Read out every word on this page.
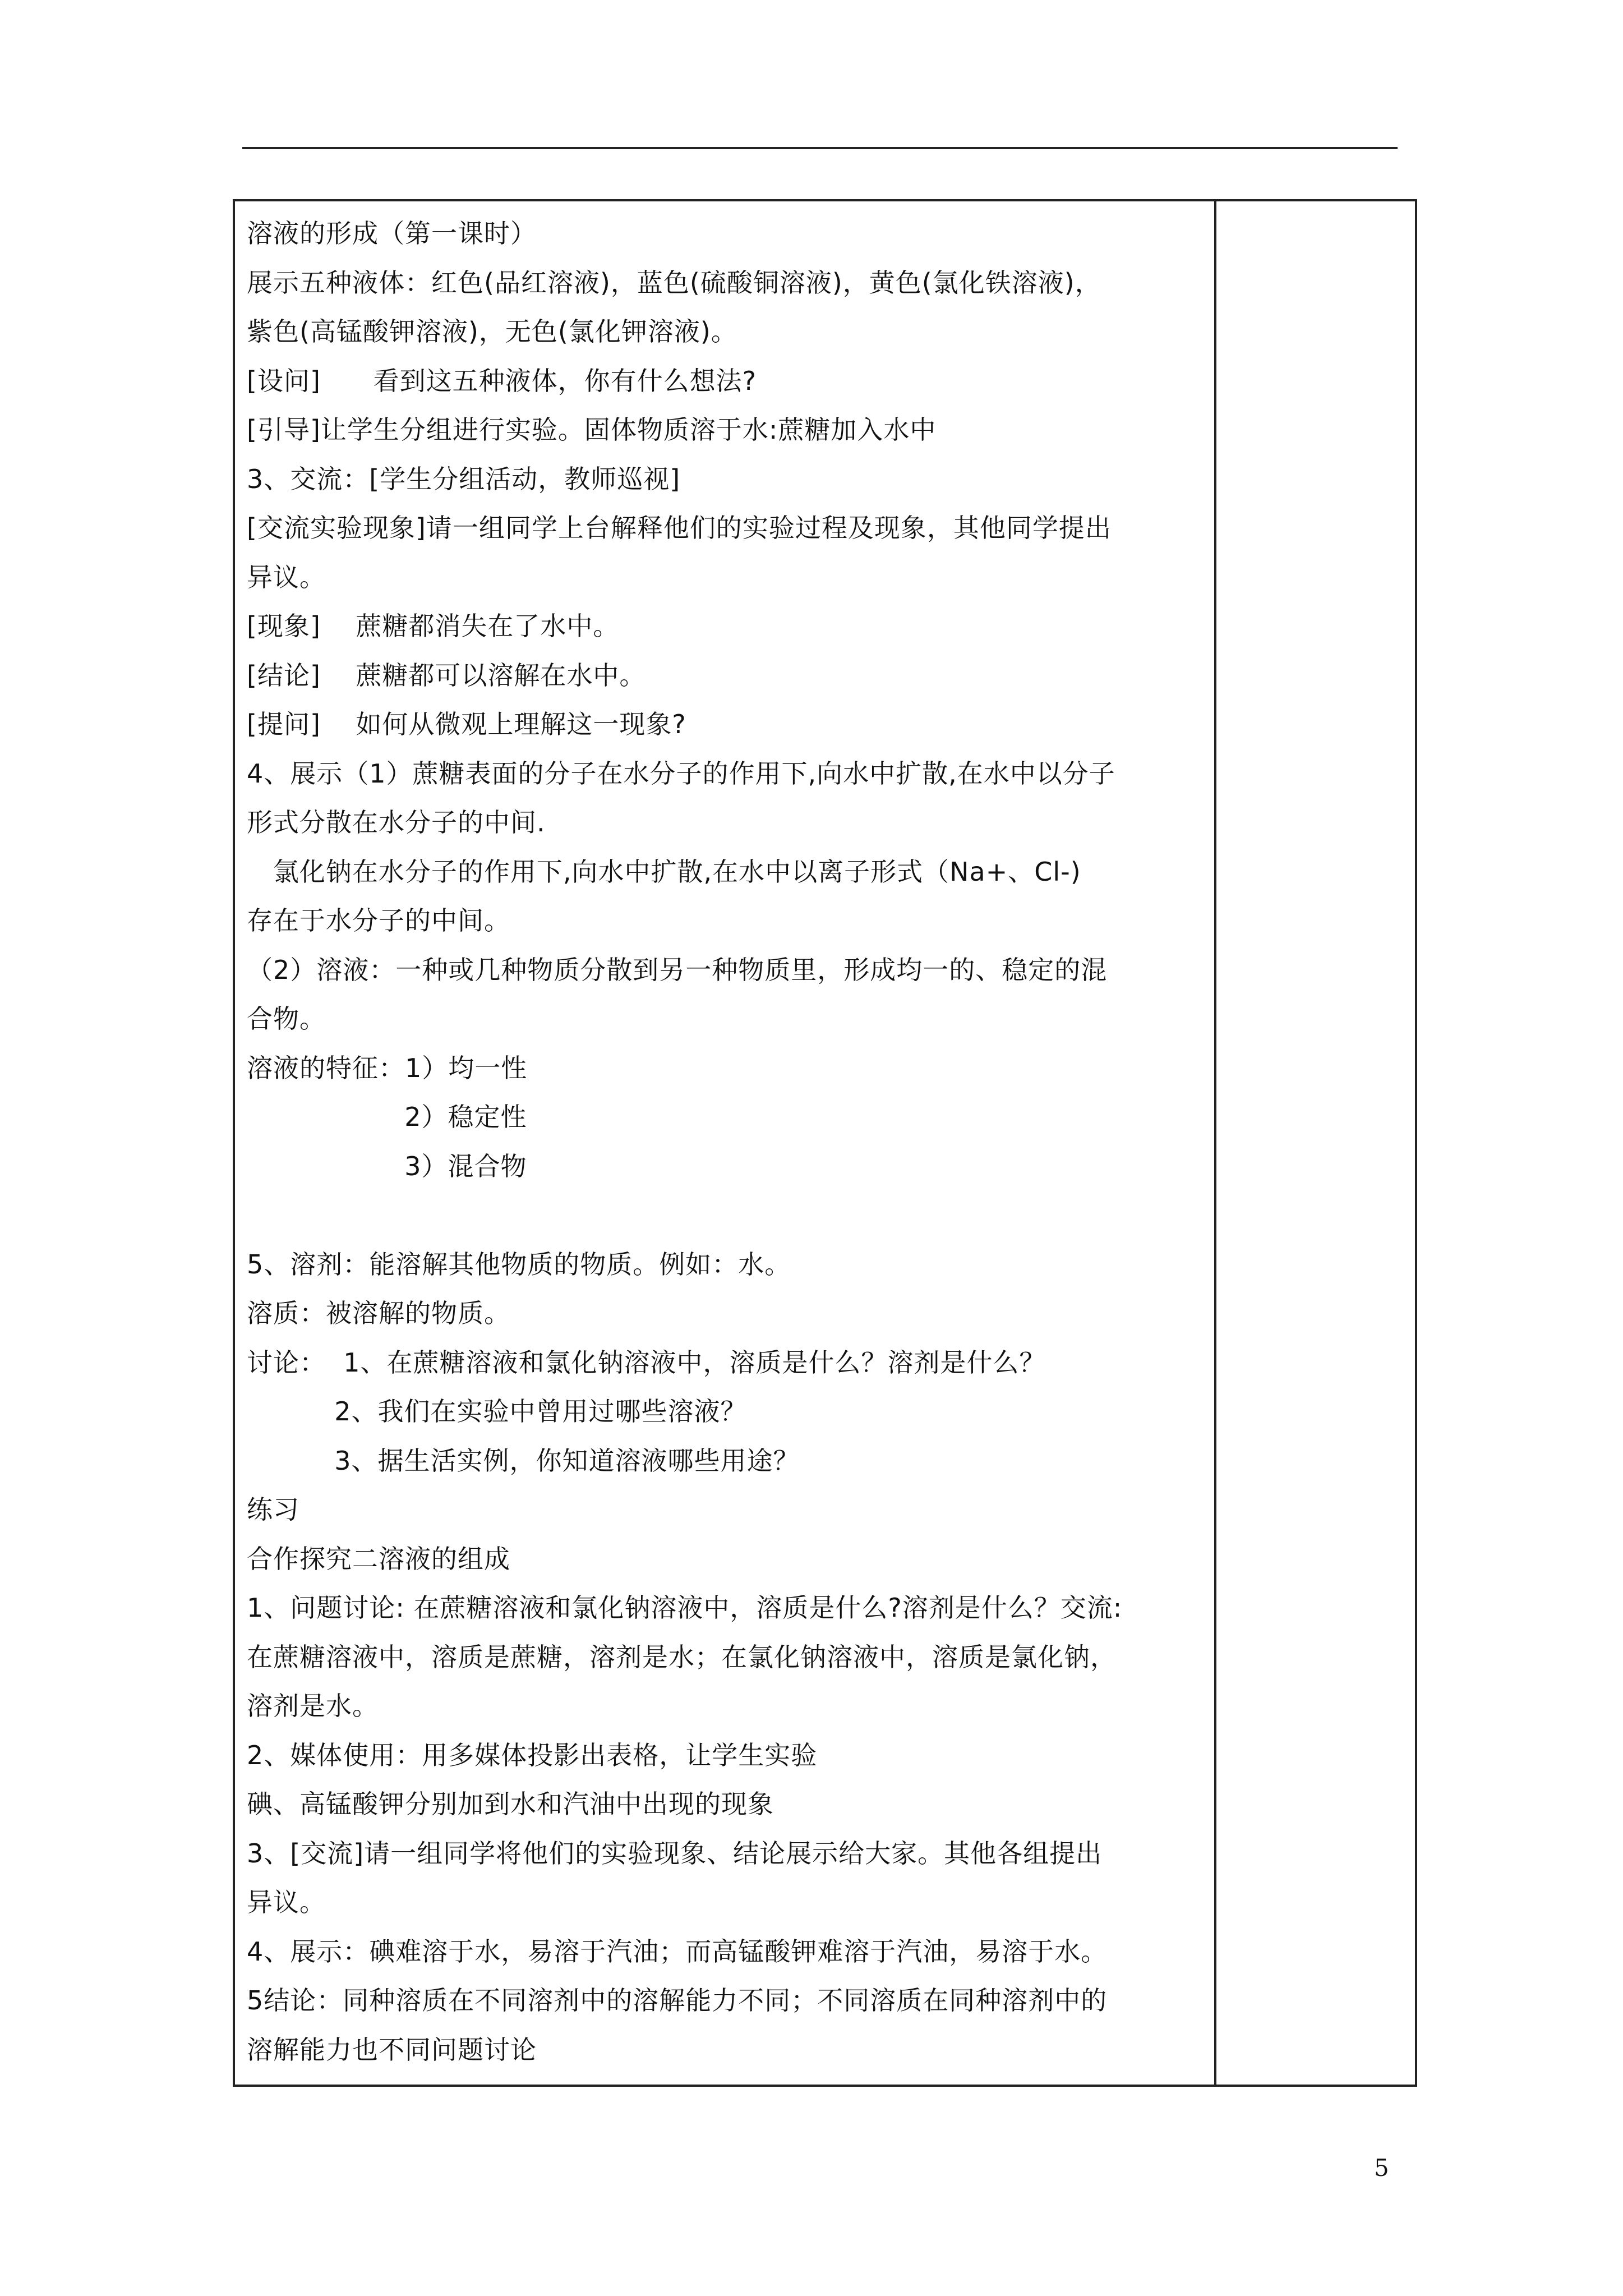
溶液的形成（第一课时）
展示五种液体：红色(品红溶液)，蓝色(硫酸铜溶液)，黄色(氯化铁溶液)，
紫色(高锰酸钾溶液)，无色(氯化钾溶液)。
[设问]      看到这五种液体，你有什么想法?
[引导]让学生分组进行实验。固体物质溶于水:蔗糖加入水中
3、交流：[学生分组活动，教师巡视]
[交流实验现象]请一组同学上台解释他们的实验过程及现象，其他同学提出
异议。
[现象]    蔗糖都消失在了水中。
[结论]    蔗糖都可以溶解在水中。
[提问]    如何从微观上理解这一现象?
4、展示（1）蔗糖表面的分子在水分子的作用下,向水中扩散,在水中以分子
形式分散在水分子的中间.
氯化钠在水分子的作用下,向水中扩散,在水中以离子形式（Na+、Cl-)
存在于水分子的中间。
（2）溶液：一种或几种物质分散到另一种物质里，形成均一的、稳定的混
合物。
溶液的特征：1）均一性
2）稳定性
3）混合物
5、溶剂：能溶解其他物质的物质。例如：水。
溶质：被溶解的物质。
讨论：  1、在蔗糖溶液和氯化钠溶液中，溶质是什么？溶剂是什么？
2、我们在实验中曾用过哪些溶液？
3、据生活实例，你知道溶液哪些用途？
练习
合作探究二溶液的组成
1、问题讨论: 在蔗糖溶液和氯化钠溶液中，溶质是什么?溶剂是什么？交流:
在蔗糖溶液中，溶质是蔗糖，溶剂是水；在氯化钠溶液中，溶质是氯化钠，
溶剂是水。
2、媒体使用：用多媒体投影出表格，让学生实验
碘、高锰酸钾分别加到水和汽油中出现的现象
3、[交流]请一组同学将他们的实验现象、结论展示给大家。其他各组提出
异议。
4、展示：碘难溶于水，易溶于汽油；而高锰酸钾难溶于汽油，易溶于水。
5结论：同种溶质在不同溶剂中的溶解能力不同；不同溶质在同种溶剂中的
溶解能力也不同问题讨论
5
